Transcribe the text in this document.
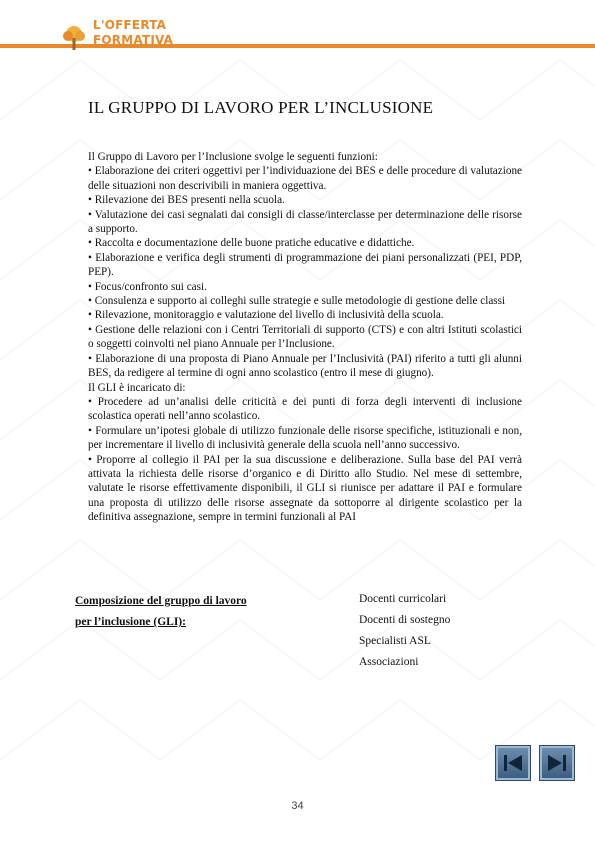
L'OFFERTA
FORMATIVA
IL GRUPPO DI LAVORO PER L’INCLUSIONE

Il Gruppo di Lavoro per l’Inclusione svolge le seguenti funzioni:

• Elaborazione dei criteri oggettivi per l’individuazione dei BES e delle procedure di valutazione delle situazioni non descrivibili in maniera oggettiva.

• Rilevazione dei BES presenti nella scuola.

• Valutazione dei casi segnalati dai consigli di classe/interclasse per determinazione delle risorse a supporto.

• Raccolta e documentazione delle buone pratiche educative e didattiche.

• Elaborazione e verifica degli strumenti di programmazione dei piani personalizzati (PEI, PDP, PEP).

• Focus/confronto sui casi.

• Consulenza e supporto ai colleghi sulle strategie e sulle metodologie di gestione delle classi

• Rilevazione, monitoraggio e valutazione del livello di inclusività della scuola.

• Gestione delle relazioni con i Centri Territoriali di supporto (CTS) e con altri Istituti scolastici o soggetti coinvolti nel piano Annuale per l’Inclusione.

• Elaborazione di una proposta di Piano Annuale per l’Inclusività (PAI) riferito a tutti gli alunni BES, da redigere al termine di ogni anno scolastico (entro il mese di giugno).

Il GLI è incaricato di:

• Procedere ad un’analisi delle criticità e dei punti di forza degli interventi di inclusione scolastica operati nell’anno scolastico.

• Formulare un’ipotesi globale di utilizzo funzionale delle risorse specifiche, istituzionali e non, per incrementare il livello di inclusività generale della scuola nell’anno successivo.

• Proporre al collegio il PAI per la sua discussione e deliberazione. Sulla base del PAI verrà attivata la richiesta delle risorse d’organico e di Diritto allo Studio. Nel mese di settembre, valutate le risorse effettivamente disponibili, il GLI si riunisce per adattare il PAI e formulare una proposta di utilizzo delle risorse assegnate da sottoporre al dirigente scolastico per la definitiva assegnazione, sempre in termini funzionali al PAI

Composizione del gruppo di lavoro
per l’inclusione (GLI):
Docenti curricolari
Docenti di sostegno
Specialisti ASL
Associazioni
34
